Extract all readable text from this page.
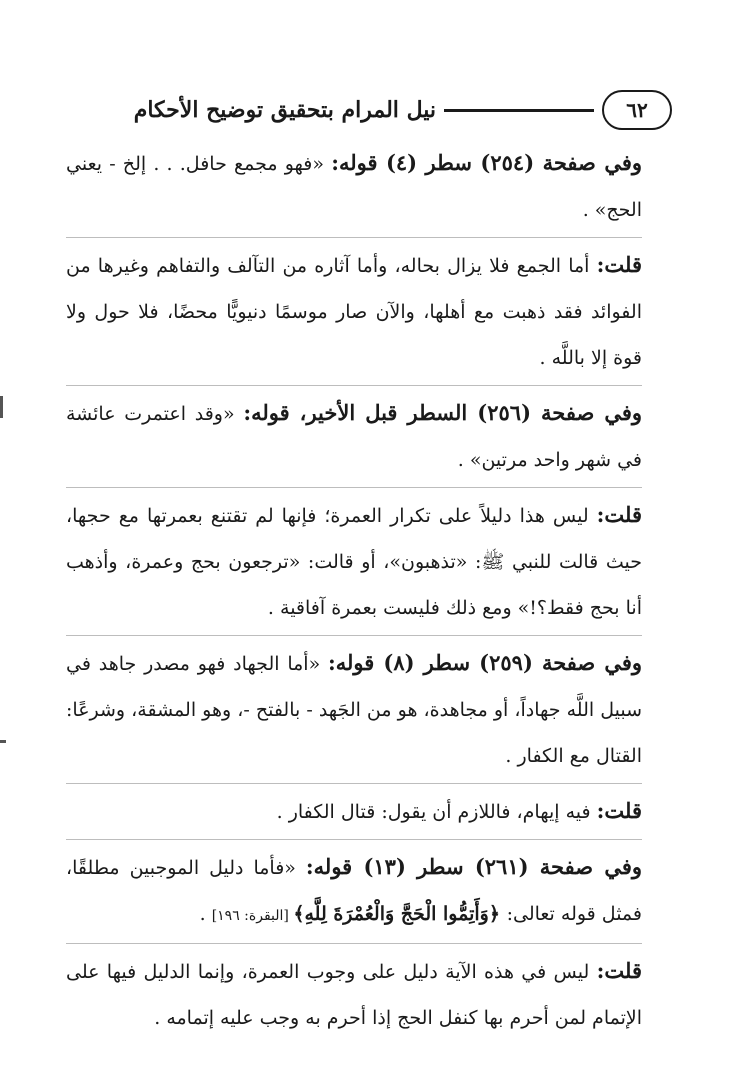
٦٢
نيل المرام بتحقيق توضيح الأحكام

وفي صفحة (٢٥٤) سطر (٤) قوله: «فهو مجمع حافل. . . إلخ - يعني الحج» .

قلت: أما الجمع فلا يزال بحاله، وأما آثاره من التآلف والتفاهم وغيرها من الفوائد فقد ذهبت مع أهلها، والآن صار موسمًا دنيويًّا محضًا، فلا حول ولا قوة إلا باللَّه .

وفي صفحة (٢٥٦) السطر قبل الأخير، قوله: «وقد اعتمرت عائشة في شهر واحد مرتين» .

قلت: ليس هذا دليلاً على تكرار العمرة؛ فإنها لم تقتنع بعمرتها مع حجها، حيث قالت للنبي ﷺ: «تذهبون»، أو قالت: «ترجعون بحج وعمرة، وأذهب أنا بحج فقط؟!» ومع ذلك فليست بعمرة آفاقية .

وفي صفحة (٢٥٩) سطر (٨) قوله: «أما الجهاد فهو مصدر جاهد في سبيل اللَّه جهاداً، أو مجاهدة، هو من الجَهد - بالفتح -، وهو المشقة، وشرعًا: القتال مع الكفار .

قلت: فيه إيهام، فاللازم أن يقول: قتال الكفار .

وفي صفحة (٢٦١) سطر (١٣) قوله: «فأما دليل الموجبين مطلقًا، فمثل قوله تعالى: ﴿وَأَتِمُّوا الْحَجَّ وَالْعُمْرَةَ لِلَّهِ﴾ [البقرة: ١٩٦] .

قلت: ليس في هذه الآية دليل على وجوب العمرة، وإنما الدليل فيها على الإتمام لمن أحرم بها كنفل الحج إذا أحرم به وجب عليه إتمامه .
